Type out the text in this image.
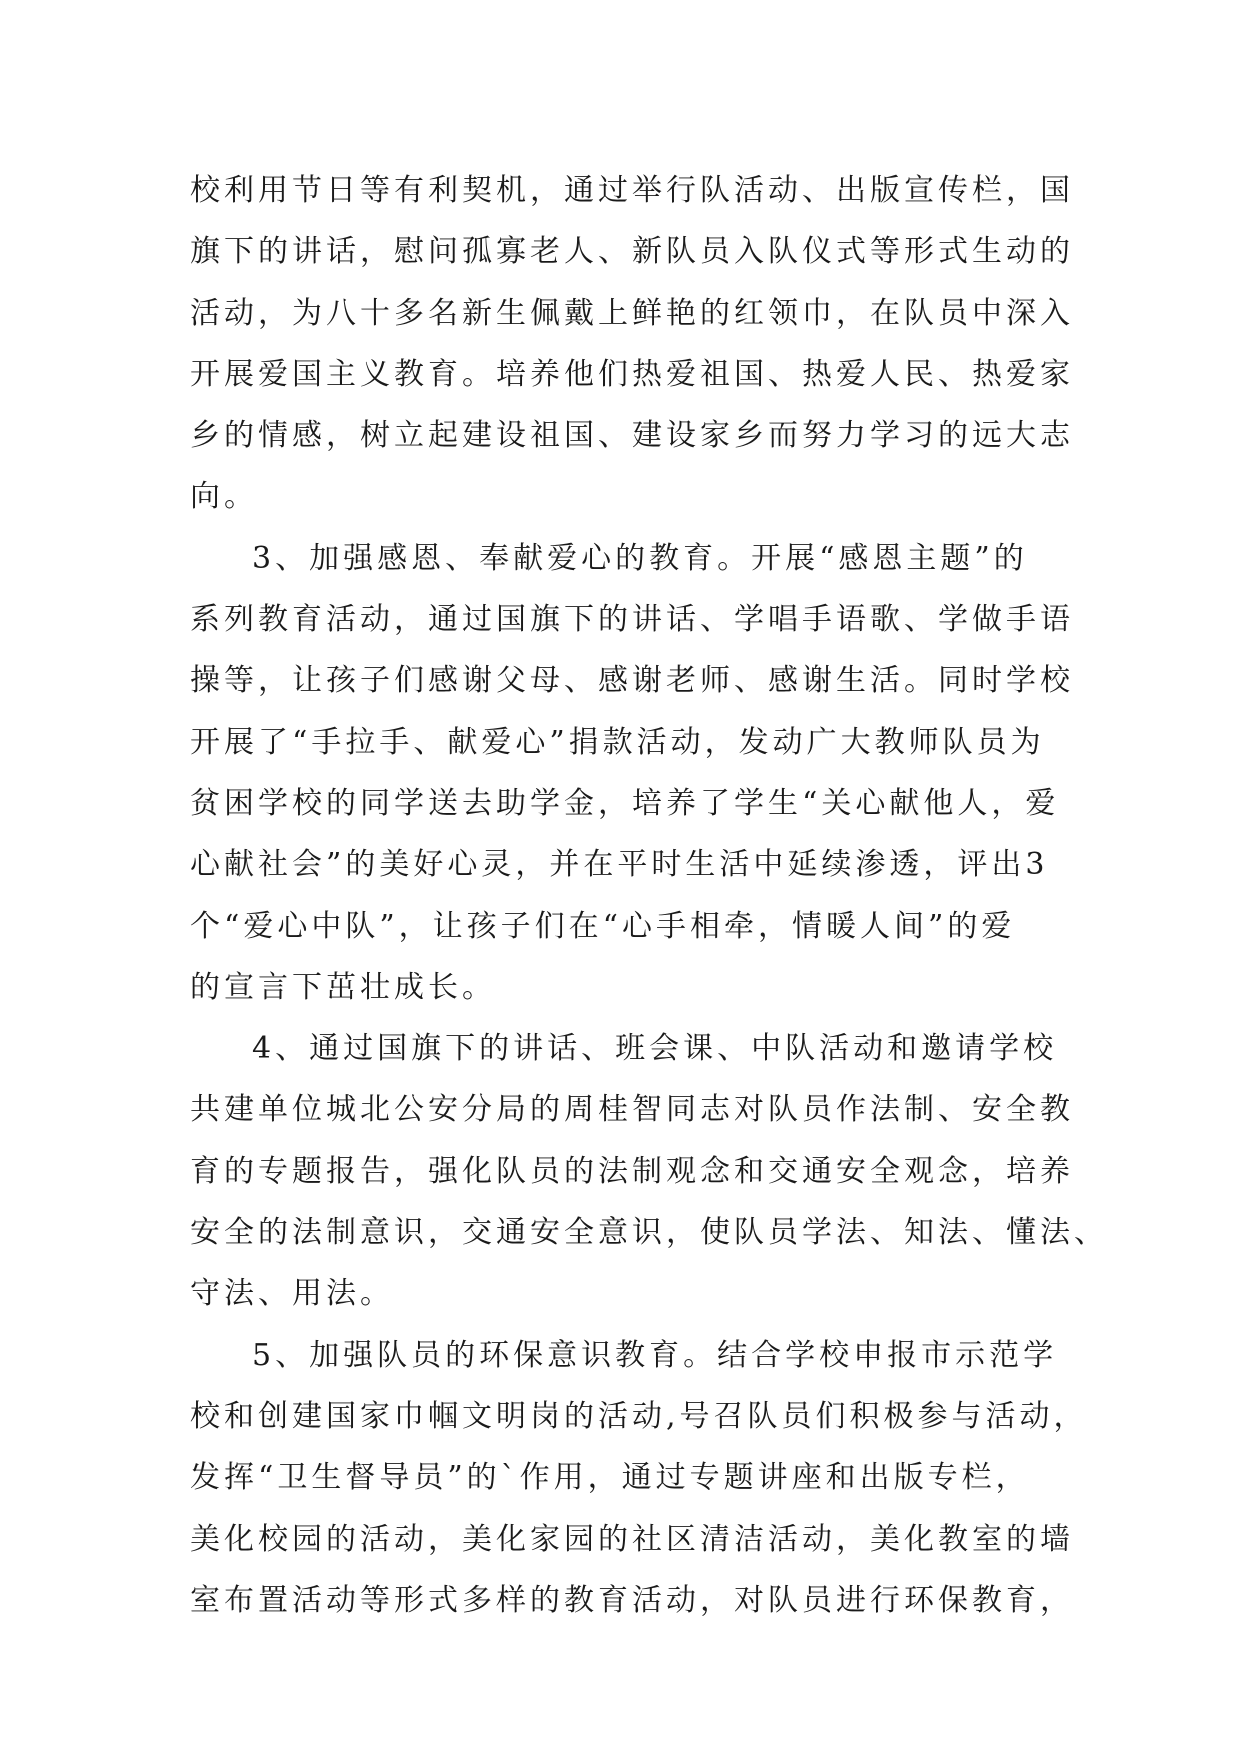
校利用节日等有利契机，通过举行队活动、出版宣传栏，国
旗下的讲话，慰问孤寡老人、新队员入队仪式等形式生动的
活动，为八十多名新生佩戴上鲜艳的红领巾，在队员中深入
开展爱国主义教育。培养他们热爱祖国、热爱人民、热爱家
乡的情感，树立起建设祖国、建设家乡而努力学习的远大志
向。
3、加强感恩、奉献爱心的教育。开展“感恩主题”的
系列教育活动，通过国旗下的讲话、学唱手语歌、学做手语
操等，让孩子们感谢父母、感谢老师、感谢生活。同时学校
开展了“手拉手、献爱心”捐款活动，发动广大教师队员为
贫困学校的同学送去助学金，培养了学生“关心献他人，爱
心献社会”的美好心灵，并在平时生活中延续渗透，评出3
个“爱心中队”，让孩子们在“心手相牵，情暖人间”的爱
的宣言下茁壮成长。
4、通过国旗下的讲话、班会课、中队活动和邀请学校
共建单位城北公安分局的周桂智同志对队员作法制、安全教
育的专题报告，强化队员的法制观念和交通安全观念，培养
安全的法制意识，交通安全意识，使队员学法、知法、懂法、
守法、用法。
5、加强队员的环保意识教育。结合学校申报市示范学
校和创建国家巾帼文明岗的活动,号召队员们积极参与活动，
发挥“卫生督导员”的`作用，通过专题讲座和出版专栏，
美化校园的活动，美化家园的社区清洁活动，美化教室的墙
室布置活动等形式多样的教育活动，对队员进行环保教育，
